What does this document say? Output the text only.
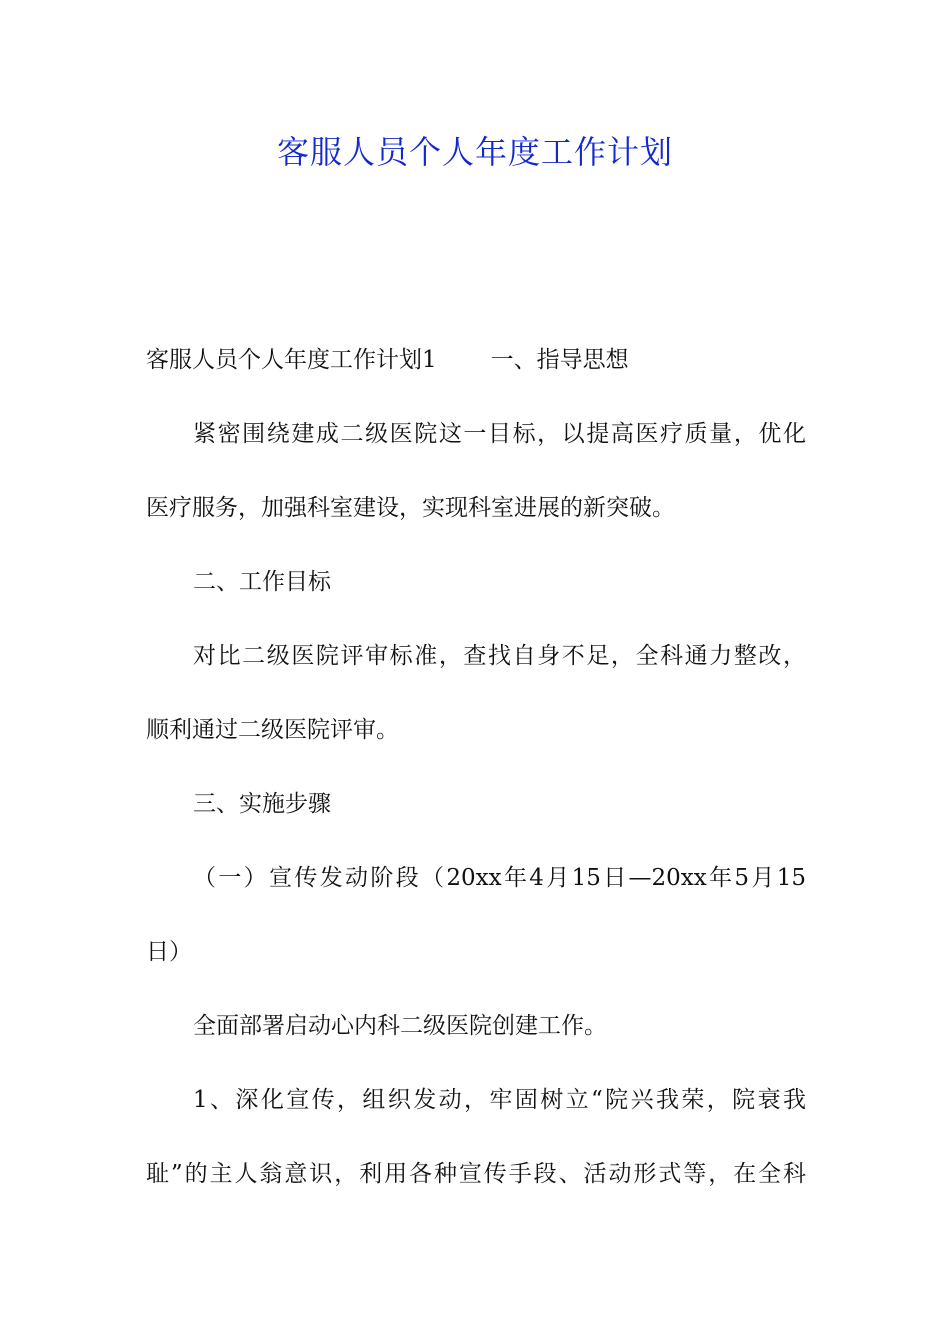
客服人员个人年度工作计划
客服人员个人年度工作计划1 一、指导思想
紧密围绕建成二级医院这一目标，以提高医疗质量，优化
医疗服务，加强科室建设，实现科室进展的新突破。
二、工作目标
对比二级医院评审标准，查找自身不足，全科通力整改，
顺利通过二级医院评审。
三、实施步骤
（一）宣传发动阶段（20xx年4月15日—20xx年5月15
日）
全面部署启动心内科二级医院创建工作。
1、深化宣传，组织发动，牢固树立“院兴我荣，院衰我
耻”的主人翁意识，利用各种宣传手段、活动形式等，在全科
